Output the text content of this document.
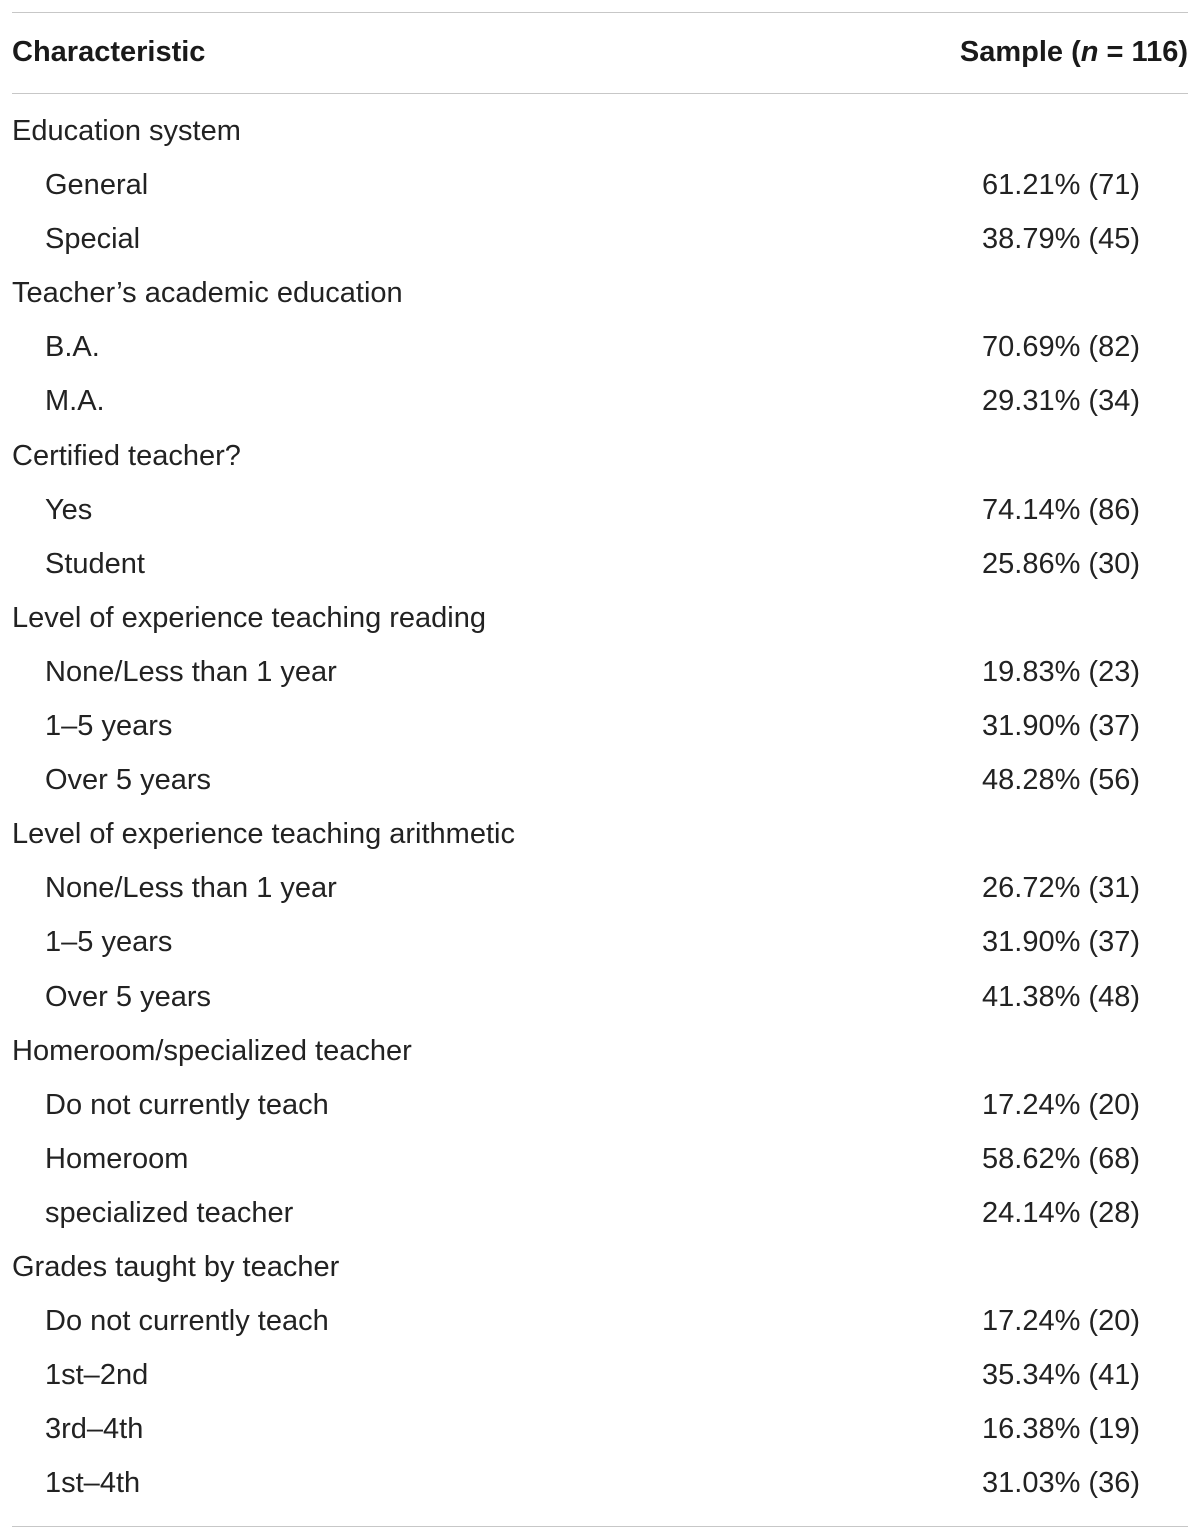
Characteristic	Sample (n = 116)
Education system
General	61.21% (71)
Special	38.79% (45)
Teacher’s academic education
B.A.	70.69% (82)
M.A.	29.31% (34)
Certified teacher?
Yes	74.14% (86)
Student	25.86% (30)
Level of experience teaching reading
None/Less than 1 year	19.83% (23)
1–5 years	31.90% (37)
Over 5 years	48.28% (56)
Level of experience teaching arithmetic
None/Less than 1 year	26.72% (31)
1–5 years	31.90% (37)
Over 5 years	41.38% (48)
Homeroom/specialized teacher
Do not currently teach	17.24% (20)
Homeroom	58.62% (68)
specialized teacher	24.14% (28)
Grades taught by teacher
Do not currently teach	17.24% (20)
1st–2nd	35.34% (41)
3rd–4th	16.38% (19)
1st–4th	31.03% (36)
